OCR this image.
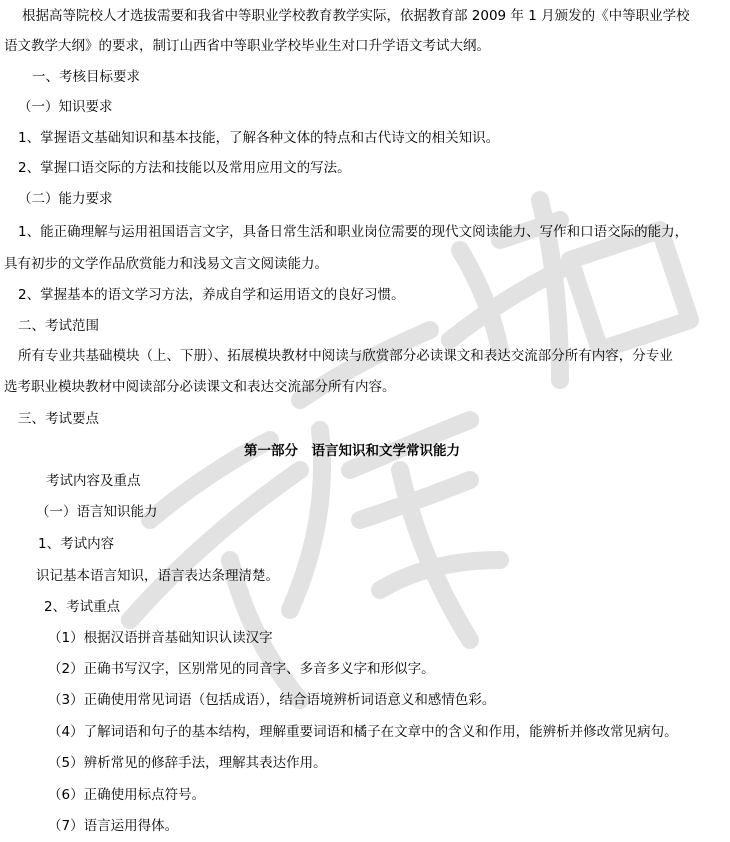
根据高等院校人才选拔需要和我省中等职业学校教育教学实际，依据教育部 2009 年 1 月颁发的《中等职业学校
语文教学大纲》的要求，制订山西省中等职业学校毕业生对口升学语文考试大纲。
一、考核目标要求
（一）知识要求
1、掌握语文基础知识和基本技能，了解各种文体的特点和古代诗文的相关知识。
2、掌握口语交际的方法和技能以及常用应用文的写法。
（二）能力要求
1、能正确理解与运用祖国语言文字，具备日常生活和职业岗位需要的现代文阅读能力、写作和口语交际的能力，
具有初步的文学作品欣赏能力和浅易文言文阅读能力。
2、掌握基本的语文学习方法，养成自学和运用语文的良好习惯。
二、考试范围
所有专业共基础模块（上、下册）、拓展模块教材中阅读与欣赏部分必读课文和表达交流部分所有内容，分专业
选考职业模块教材中阅读部分必读课文和表达交流部分所有内容。
三、考试要点
第一部分　语言知识和文学常识能力
考试内容及重点
（一）语言知识能力
1、考试内容
识记基本语言知识，语言表达条理清楚。
2、考试重点
（1）根据汉语拼音基础知识认读汉字
（2）正确书写汉字，区别常见的同音字、多音多义字和形似字。
（3）正确使用常见词语（包括成语），结合语境辨析词语意义和感情色彩。
（4）了解词语和句子的基本结构，理解重要词语和橘子在文章中的含义和作用，能辨析并修改常见病句。
（5）辨析常见的修辞手法，理解其表达作用。
（6）正确使用标点符号。
（7）语言运用得体。
